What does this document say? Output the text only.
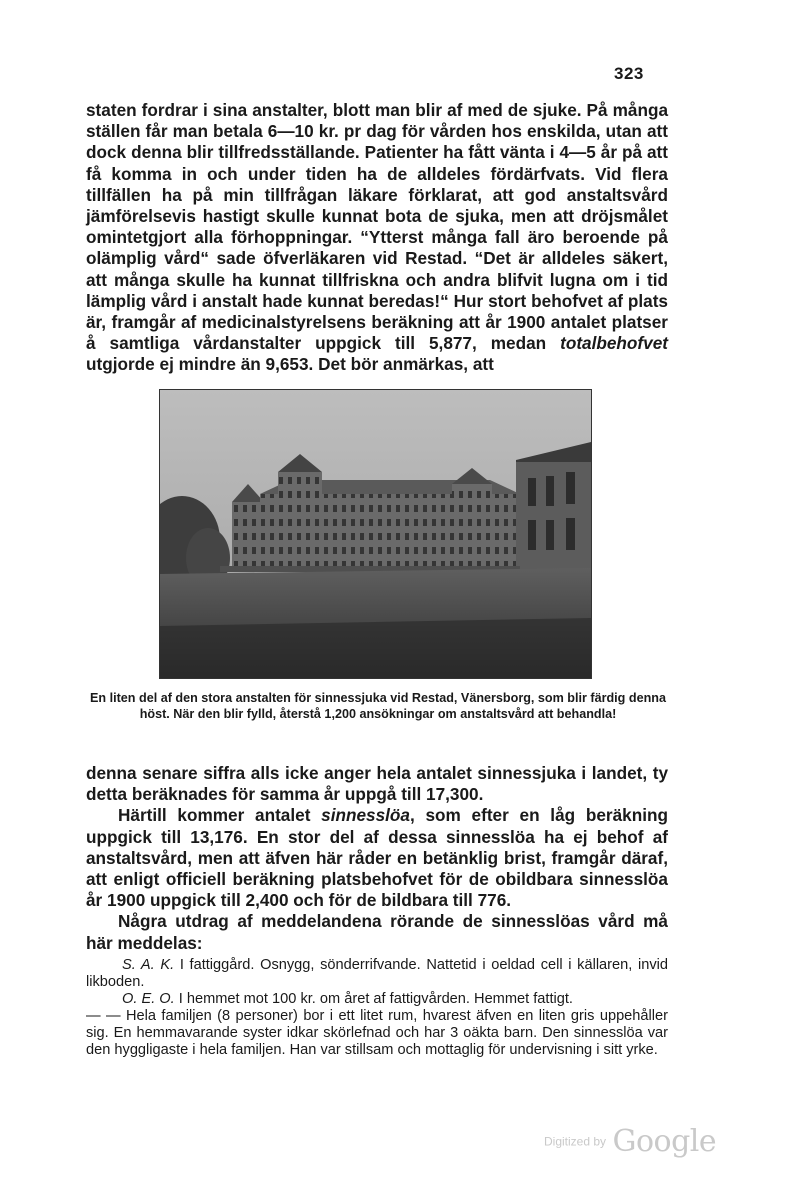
323

staten fordrar i sina anstalter, blott man blir af med de sjuke. På många ställen får man betala 6—10 kr. pr dag för vården hos enskilda, utan att dock denna blir tillfredsställande. Patienter ha fått vänta i 4—5 år på att få komma in och under tiden ha de alldeles fördärfvats. Vid flera tillfällen ha på min tillfrågan läkare förklarat, att god anstaltsvård jämförelsevis hastigt skulle kunnat bota de sjuka, men att dröjsmålet omintetgjort alla förhoppningar. “Ytterst många fall äro beroende på olämplig vård“ sade öfverläkaren vid Restad. “Det är alldeles säkert, att många skulle ha kunnat tillfriskna och andra blifvit lugna om i tid lämplig vård i anstalt hade kunnat beredas!“ Hur stort behofvet af plats är, framgår af medicinalstyrelsens beräkning att år 1900 antalet platser å samtliga vårdanstalter uppgick till 5,877, medan totalbehofvet utgjorde ej mindre än 9,653. Det bör anmärkas, att

En liten del af den stora anstalten för sinnessjuka vid Restad, Vänersborg, som blir färdig denna höst. När den blir fylld, återstå 1,200 ansökningar om anstaltsvård att behandla!

denna senare siffra alls icke anger hela antalet sinnessjuka i landet, ty detta beräknades för samma år uppgå till 17,300.

Härtill kommer antalet sinnesslöa, som efter en låg beräkning uppgick till 13,176. En stor del af dessa sinnesslöa ha ej behof af anstaltsvård, men att äfven här råder en betänklig brist, framgår däraf, att enligt officiell beräkning platsbehofvet för de obildbara sinnesslöa år 1900 uppgick till 2,400 och för de bildbara till 776.

Några utdrag af meddelandena rörande de sinnesslöas vård må här meddelas:

S. A. K. I fattiggård. Osnygg, sönderrifvande. Nattetid i oeldad cell i källaren, invid likboden.

O. E. O. I hemmet mot 100 kr. om året af fattigvården. Hemmet fattigt.

— — Hela familjen (8 personer) bor i ett litet rum, hvarest äfven en liten gris uppehåller sig. En hemmavarande syster idkar skörlefnad och har 3 oäkta barn. Den sinnesslöa var den hyggligaste i hela familjen. Han var stillsam och mottaglig för undervisning i sitt yrke.

Digitized by Google
